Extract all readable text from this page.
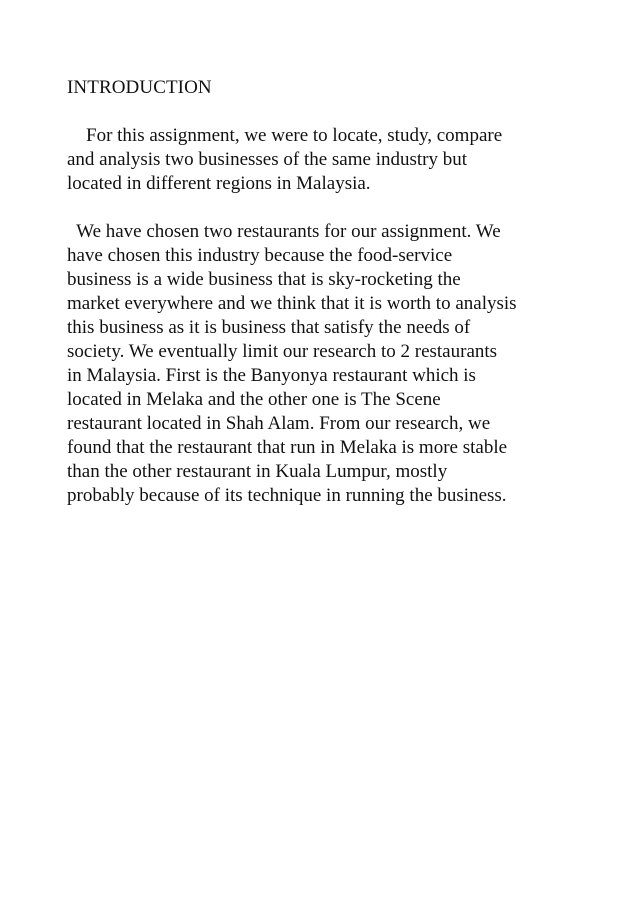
INTRODUCTION

For this assignment, we were to locate, study, compare
and analysis two businesses of the same industry but
located in different regions in Malaysia.

We have chosen two restaurants for our assignment. We
have chosen this industry because the food-service
business is a wide business that is sky-rocketing the
market everywhere and we think that it is worth to analysis
this business as it is business that satisfy the needs of
society. We eventually limit our research to 2 restaurants
in Malaysia. First is the Banyonya restaurant which is
located in Melaka and the other one is The Scene
restaurant located in Shah Alam. From our research, we
found that the restaurant that run in Melaka is more stable
than the other restaurant in Kuala Lumpur, mostly
probably because of its technique in running the business.
